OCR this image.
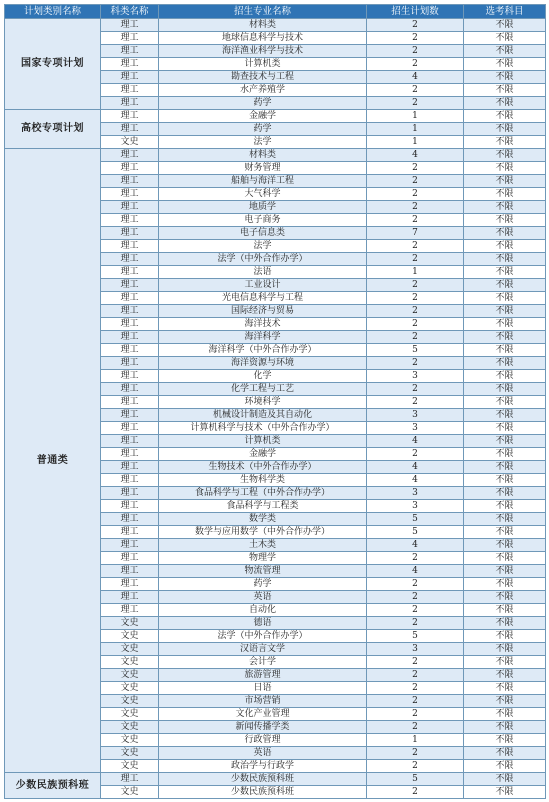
计划类别名称	科类名称	招生专业名称	招生计划数	选考科目
国家专项计划	理工	材料类	2	不限
	理工	地球信息科学与技术	2	不限
	理工	海洋渔业科学与技术	2	不限
	理工	计算机类	2	不限
	理工	勘查技术与工程	4	不限
	理工	水产养殖学	2	不限
	理工	药学	2	不限
高校专项计划	理工	金融学	1	不限
	理工	药学	1	不限
	文史	法学	1	不限
普通类	理工	材料类	4	不限
	理工	财务管理	2	不限
	理工	船舶与海洋工程	2	不限
	理工	大气科学	2	不限
	理工	地质学	2	不限
	理工	电子商务	2	不限
	理工	电子信息类	7	不限
	理工	法学	2	不限
	理工	法学（中外合作办学）	2	不限
	理工	法语	1	不限
	理工	工业设计	2	不限
	理工	光电信息科学与工程	2	不限
	理工	国际经济与贸易	2	不限
	理工	海洋技术	2	不限
	理工	海洋科学	2	不限
	理工	海洋科学（中外合作办学）	5	不限
	理工	海洋资源与环境	2	不限
	理工	化学	3	不限
	理工	化学工程与工艺	2	不限
	理工	环境科学	2	不限
	理工	机械设计制造及其自动化	3	不限
	理工	计算机科学与技术（中外合作办学）	3	不限
	理工	计算机类	4	不限
	理工	金融学	2	不限
	理工	生物技术（中外合作办学）	4	不限
	理工	生物科学类	4	不限
	理工	食品科学与工程（中外合作办学）	3	不限
	理工	食品科学与工程类	3	不限
	理工	数学类	5	不限
	理工	数学与应用数学（中外合作办学）	5	不限
	理工	土木类	4	不限
	理工	物理学	2	不限
	理工	物流管理	4	不限
	理工	药学	2	不限
	理工	英语	2	不限
	理工	自动化	2	不限
	文史	德语	2	不限
	文史	法学（中外合作办学）	5	不限
	文史	汉语言文学	3	不限
	文史	会计学	2	不限
	文史	旅游管理	2	不限
	文史	日语	2	不限
	文史	市场营销	2	不限
	文史	文化产业管理	2	不限
	文史	新闻传播学类	2	不限
	文史	行政管理	1	不限
	文史	英语	2	不限
	文史	政治学与行政学	2	不限
少数民族预科班	理工	少数民族预科班	5	不限
	文史	少数民族预科班	2	不限
